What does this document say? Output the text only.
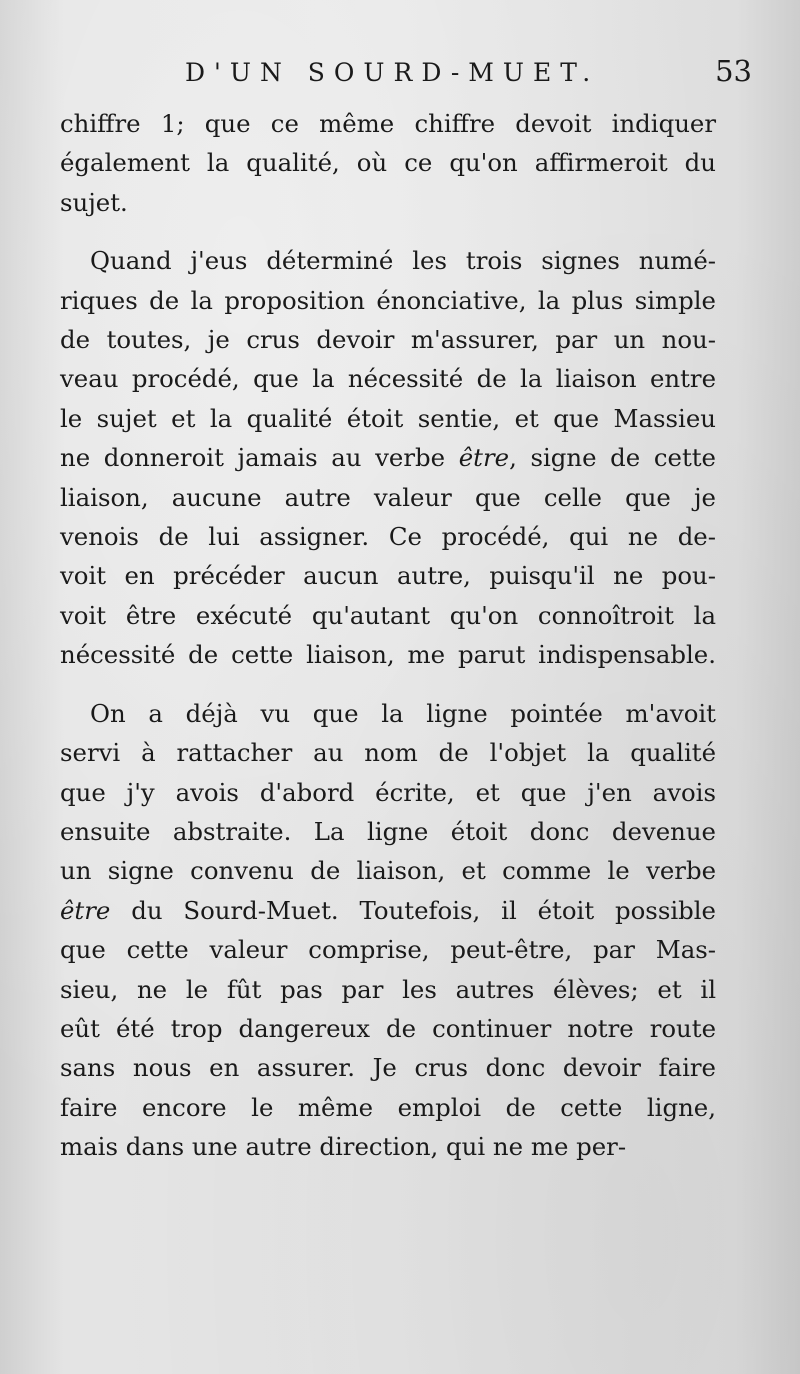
D'UN SOURD-MUET.	53

chiffre 1; que ce même chiffre devoit indiquer
également la qualité, où ce qu'on affirmeroit du
sujet.

Quand j'eus déterminé les trois signes numé-
riques de la proposition énonciative, la plus simple
de toutes, je crus devoir m'assurer, par un nou-
veau procédé, que la nécessité de la liaison entre
le sujet et la qualité étoit sentie, et que Massieu
ne donneroit jamais au verbe être, signe de cette
liaison, aucune autre valeur que celle que je
venois de lui assigner. Ce procédé, qui ne de-
voit en précéder aucun autre, puisqu'il ne pou-
voit être exécuté qu'autant qu'on connoîtroit la
nécessité de cette liaison, me parut indispensable.

On a déjà vu que la ligne pointée m'avoit
servi à rattacher au nom de l'objet la qualité
que j'y avois d'abord écrite, et que j'en avois
ensuite abstraite. La ligne étoit donc devenue
un signe convenu de liaison, et comme le verbe
être du Sourd-Muet. Toutefois, il étoit possible
que cette valeur comprise, peut-être, par Mas-
sieu, ne le fût pas par les autres élèves; et il
eût été trop dangereux de continuer notre route
sans nous en assurer. Je crus donc devoir faire
faire encore le même emploi de cette ligne,
mais dans une autre direction, qui ne me per-
